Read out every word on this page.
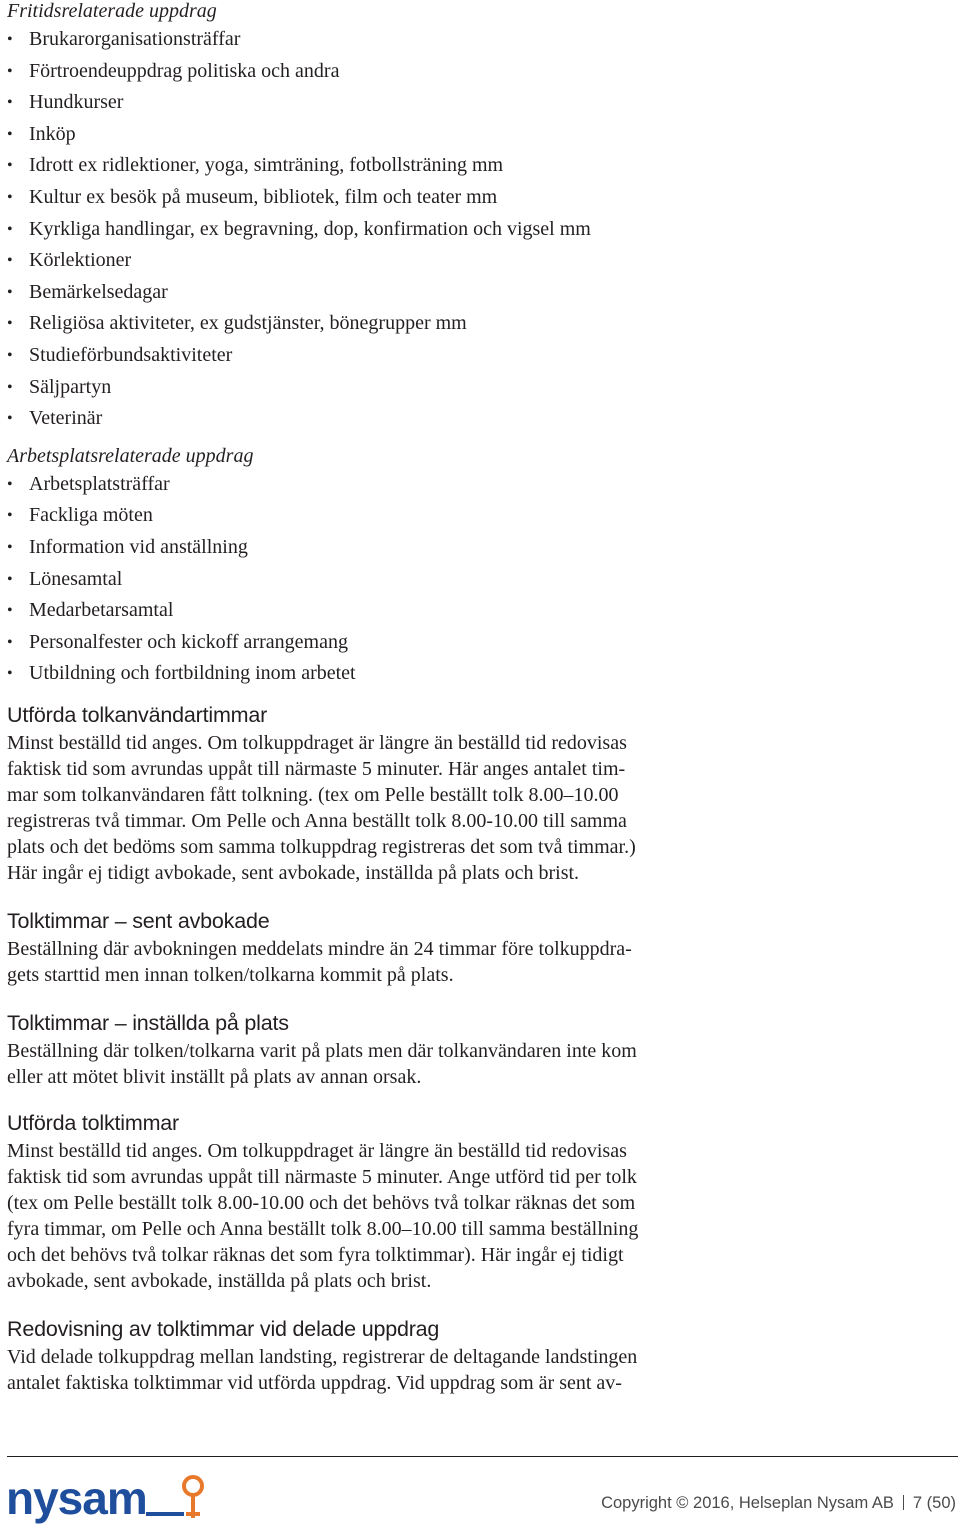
Fritidsrelaterade uppdrag

• Brukarorganisationsträffar
• Förtroendeuppdrag politiska och andra
• Hundkurser
• Inköp
• Idrott ex ridlektioner, yoga, simträning, fotbollsträning mm
• Kultur ex besök på museum, bibliotek, film och teater mm
• Kyrkliga handlingar, ex begravning, dop, konfirmation och vigsel mm
• Körlektioner
• Bemärkelsedagar
• Religiösa aktiviteter, ex gudstjänster, bönegrupper mm
• Studieförbundsaktiviteter
• Säljpartyn
• Veterinär

Arbetsplatsrelaterade uppdrag

• Arbetsplatsträffar
• Fackliga möten
• Information vid anställning
• Lönesamtal
• Medarbetarsamtal
• Personalfester och kickoff arrangemang
• Utbildning och fortbildning inom arbetet
Utförda tolkanvändartimmar

Minst beställd tid anges. Om tolkuppdraget är längre än beställd tid redovisas

faktisk tid som avrundas uppåt till närmaste 5 minuter. Här anges antalet tim-

mar som tolkanvändaren fått tolkning. (tex om Pelle beställt tolk 8.00–10.00

registreras två timmar. Om Pelle och Anna beställt tolk 8.00-10.00 till samma

plats och det bedöms som samma tolkuppdrag registreras det som två timmar.)

Här ingår ej tidigt avbokade, sent avbokade, inställda på plats och brist.

Tolktimmar – sent avbokade

Beställning där avbokningen meddelats mindre än 24 timmar före tolkuppdra-

gets starttid men innan tolken/tolkarna kommit på plats.

Tolktimmar – inställda på plats

Beställning där tolken/tolkarna varit på plats men där tolkanvändaren inte kom

eller att mötet blivit inställt på plats av annan orsak.

Utförda tolktimmar

Minst beställd tid anges. Om tolkuppdraget är längre än beställd tid redovisas

faktisk tid som avrundas uppåt till närmaste 5 minuter. Ange utförd tid per tolk

(tex om Pelle beställt tolk 8.00-10.00 och det behövs två tolkar räknas det som

fyra timmar, om Pelle och Anna beställt tolk 8.00–10.00 till samma beställning

och det behövs två tolkar räknas det som fyra tolktimmar). Här ingår ej tidigt

avbokade, sent avbokade, inställda på plats och brist.

Redovisning av tolktimmar vid delade uppdrag

Vid delade tolkuppdrag mellan landsting, registrerar de deltagande landstingen

antalet faktiska tolktimmar vid utförda uppdrag. Vid uppdrag som är sent av-

nysam	Copyright © 2016, Helseplan Nysam AB 7 (50)
